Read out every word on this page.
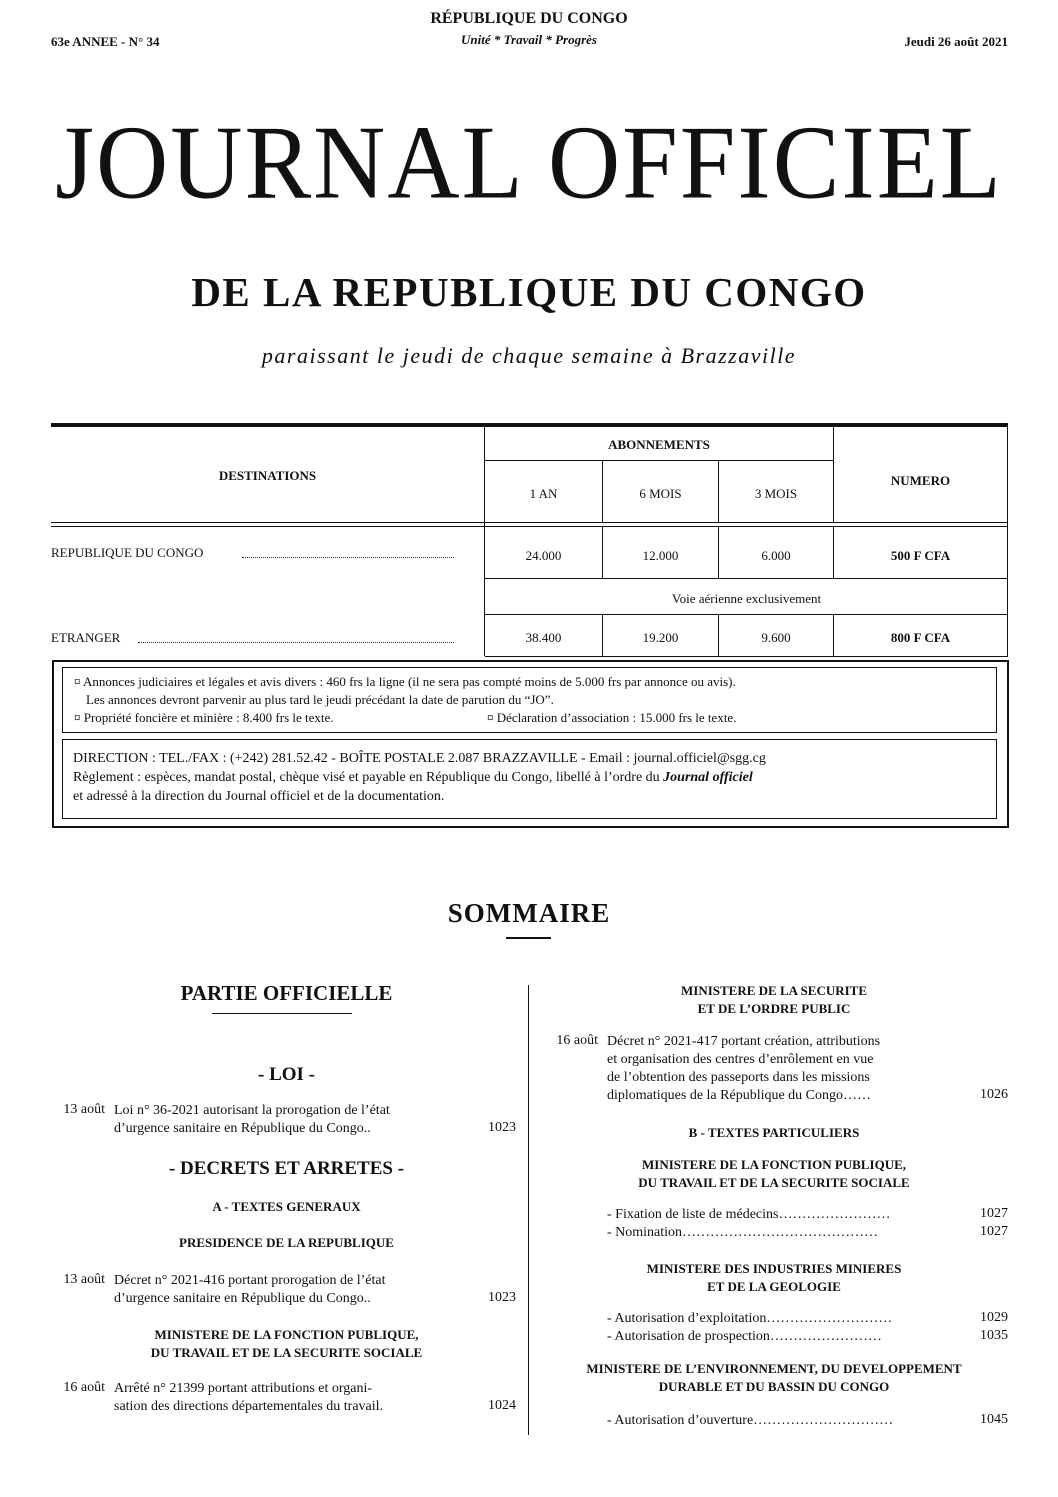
RÉPUBLIQUE DU CONGO
Unité * Travail * Progrès
63e ANNEE - N° 34	Jeudi 26 août 2021
JOURNAL OFFICIEL
DE LA REPUBLIQUE DU CONGO
paraissant le jeudi de chaque semaine à Brazzaville
DESTINATIONS
ABONNEMENTS
NUMERO
1 AN	6 MOIS	3 MOIS
REPUBLIQUE DU CONGO	24.000	12.000	6.000	500 F CFA
Voie aérienne exclusivement
ETRANGER	38.400	19.200	9.600	800 F CFA
¤ Annonces judiciaires et légales et avis divers : 460 frs la ligne (il ne sera pas compté moins de 5.000 frs par annonce ou avis).
Les annonces devront parvenir au plus tard le jeudi précédant la date de parution du “JO”.
¤ Propriété foncière et minière : 8.400 frs le texte.	¤ Déclaration d’association : 15.000 frs le texte.
DIRECTION : TEL./FAX : (+242) 281.52.42 - BOÎTE POSTALE 2.087 BRAZZAVILLE - Email : journal.officiel@sgg.cg
Règlement : espèces, mandat postal, chèque visé et payable en République du Congo, libellé à l’ordre du Journal officiel
et adressé à la direction du Journal officiel et de la documentation.
SOMMAIRE
PARTIE OFFICIELLE
- LOI -
13 août Loi n° 36-2021 autorisant la prorogation de l’état
d’urgence sanitaire en République du Congo..	1023
- DECRETS ET ARRETES -
A - TEXTES GENERAUX
PRESIDENCE DE LA REPUBLIQUE
13 août Décret n° 2021-416 portant prorogation de l’état
d’urgence sanitaire en République du Congo..	1023
MINISTERE DE LA FONCTION PUBLIQUE,
DU TRAVAIL ET DE LA SECURITE SOCIALE
16 août Arrêté n° 21399 portant attributions et organi-
sation des directions départementales du travail.	1024
MINISTERE DE LA SECURITE
ET DE L’ORDRE PUBLIC
16 août Décret n° 2021-417 portant création, attributions
et organisation des centres d’enrôlement en vue
de l’obtention des passeports dans les missions
diplomatiques de la République du Congo……	1026
B - TEXTES PARTICULIERS
MINISTERE DE LA FONCTION PUBLIQUE,
DU TRAVAIL ET DE LA SECURITE SOCIALE
- Fixation de liste de médecins……………………	1027
- Nomination……………………………………	1027
MINISTERE DES INDUSTRIES MINIERES
ET DE LA GEOLOGIE
- Autorisation d’exploitation………………………	1029
- Autorisation de prospection……………………	1035
MINISTERE DE L’ENVIRONNEMENT, DU DEVELOPPEMENT
DURABLE ET DU BASSIN DU CONGO
- Autorisation d’ouverture…………………………	1045
